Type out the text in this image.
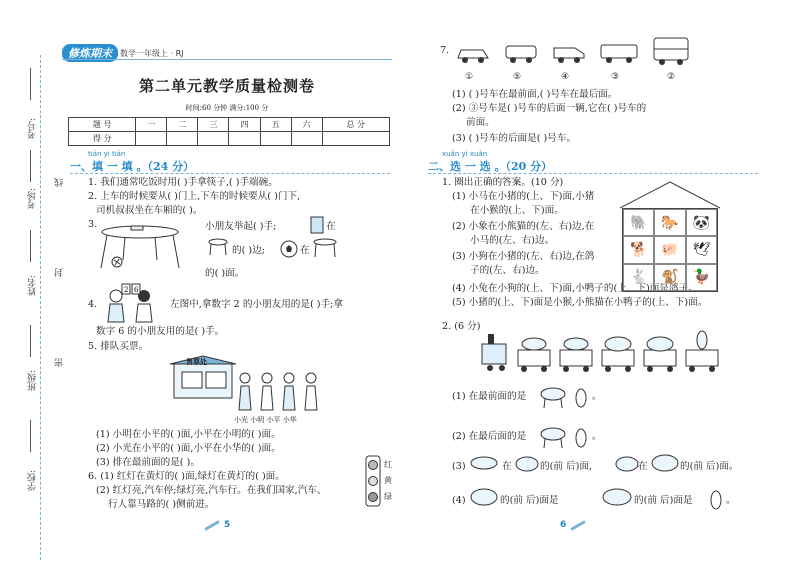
学校:
班级:
姓名:
考场:
考号:
线
封
密
修炼期末	数学一年级上 · RJ
第二单元教学质量检测卷
时间:60 分钟 满分:100 分
题 号	一	二	三	四	五	六	总 分
得 分							
tián yi tián
一、填 一 填 。（24 分）
1. 我们通常吃饭时用( )手拿筷子,( )手端碗。
2. 上车的时候要从( )门上,下车的时候要从( )门下,
司机叔叔坐在车厢的( )。
3.	小朋友举起( )手;	在
的( )边;	在
的( )面。
4.
2 6
左图中,拿数字 2 的小朋友用的是( )手;拿
数字 6 的小朋友用的是( )手。
5. 排队买票。
售票处
小光 小明 小平 小华
(1) 小明在小平的( )面,小平在小明的( )面。
(2) 小光在小平的( )面,小平在小华的( )面。
(3) 排在最前面的是( )。
6. (1) 红灯在黄灯的( )面,绿灯在黄灯的( )面。
(2) 红灯亮,汽车停;绿灯亮,汽车行。在我们国家,汽车、
行人靠马路的( )侧前进。
红
黄
绿
5
7.
①	⑤	④	③	②
(1) ( )号车在最前面,( )号车在最后面。
(2) ③号车是( )号车的后面一辆,它在( )号车的
前面。
(3) ( )号车的后面是( )号车。
xuǎn yi xuǎn
二、选 一 选 。（20 分）
1. 圈出正确的答案。(10 分)
(1) 小马在小猪的(上、下)面,小猪
在小猴的(上、下)面。
(2) 小象在小熊猫的(左、右)边,在
小马的(左、右)边。
(3) 小狗在小猪的(左、右)边,在鸽
子的(左、右)边。
(4) 小兔在小狗的(上、下)面,小鸭子的(上、下)面是鸽子。
(5) 小猪的(上、下)面是小猴,小熊猫在小鸭子的(上、下)面。
🐘 🐎 🐼
🐕 🐖 🕊
🐇 🐒 🦆
2. (6 分)
(1) 在最前面的是	。
(2) 在最后面的是	。
(3)	在	的(前 后)面,	在	的(前 后)面。
(4)	的(前 后)面是	的(前 后)面是	。
6
